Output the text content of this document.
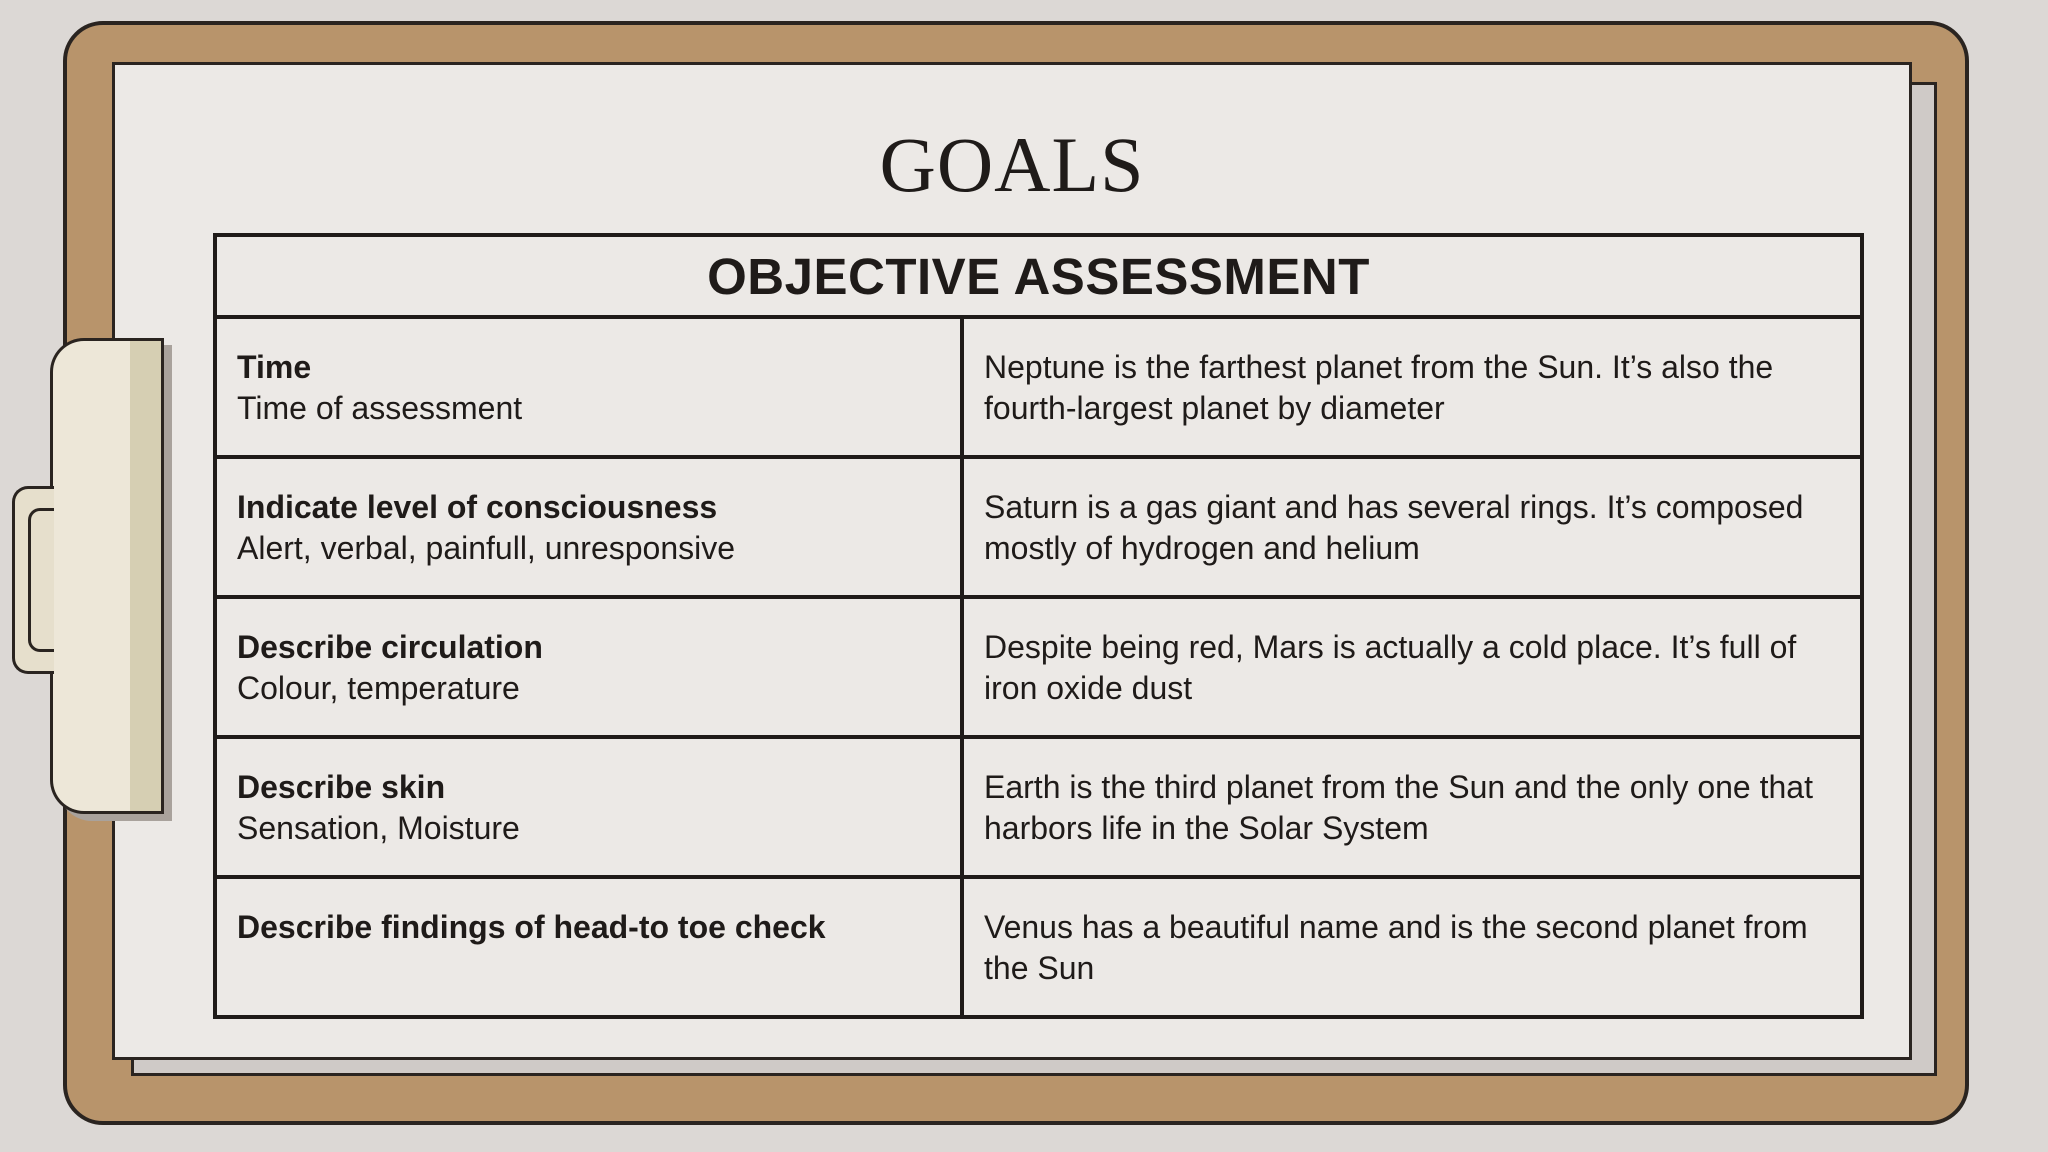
GOALS
OBJECTIVE ASSESSMENT	

Time
Time of assessment	Neptune is the farthest planet from the Sun. It’s also the fourth-largest planet by diameter

Indicate level of consciousness
Alert, verbal, painfull, unresponsive	Saturn is a gas giant and has several rings. It’s composed mostly of hydrogen and helium

Describe circulation
Colour, temperature	Despite being red, Mars is actually a cold place. It’s full of iron oxide dust

Describe skin
Sensation, Moisture	Earth is the third planet from the Sun and the only one that harbors life in the Solar System

Describe findings of head-to toe check	Venus has a beautiful name and is the second planet from the Sun
